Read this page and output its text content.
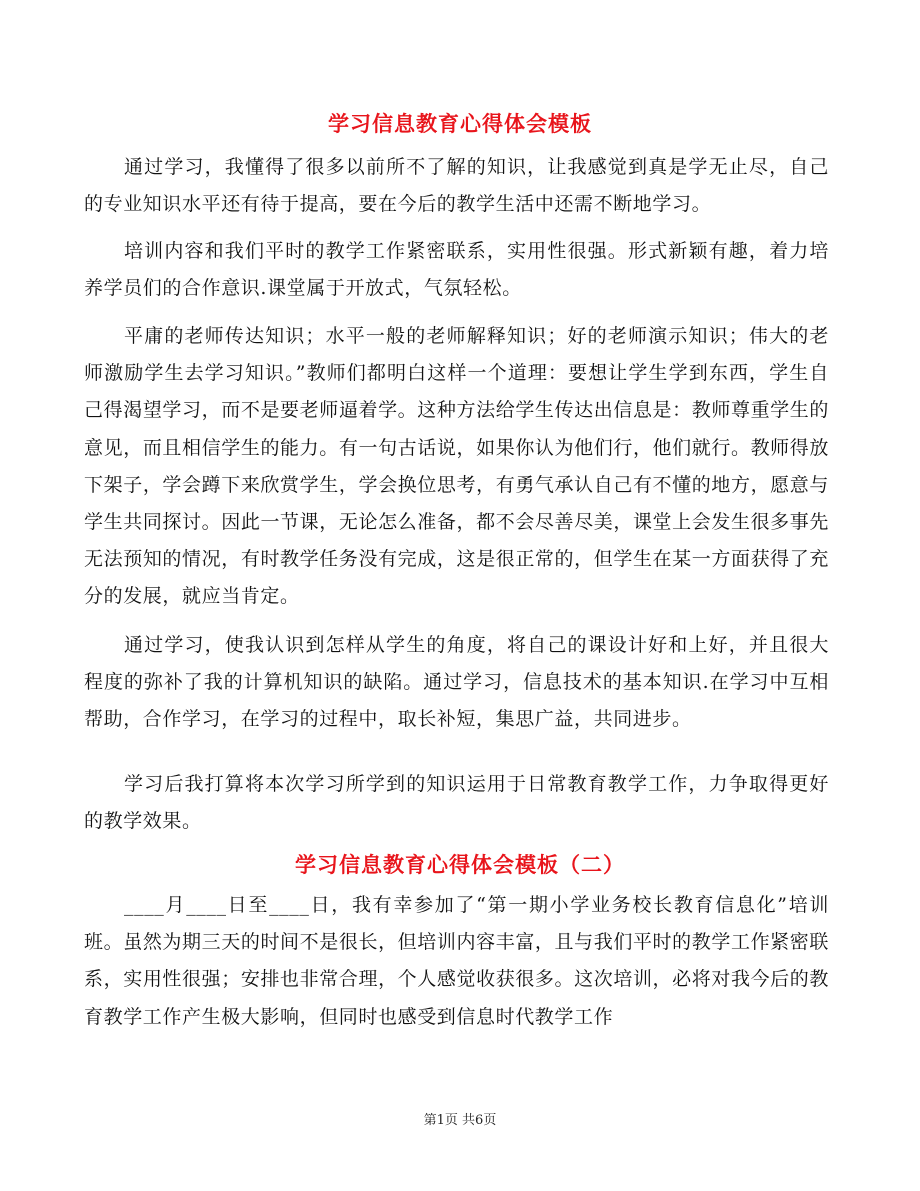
学习信息教育心得体会模板

通过学习，我懂得了很多以前所不了解的知识，让我感觉到真是学无止尽，自己的专业知识水平还有待于提高，要在今后的教学生活中还需不断地学习。

培训内容和我们平时的教学工作紧密联系，实用性很强。形式新颖有趣，着力培养学员们的合作意识.课堂属于开放式，气氛轻松。

平庸的老师传达知识；水平一般的老师解释知识；好的老师演示知识；伟大的老师激励学生去学习知识。”教师们都明白这样一个道理：要想让学生学到东西，学生自己得渴望学习，而不是要老师逼着学。这种方法给学生传达出信息是：教师尊重学生的意见，而且相信学生的能力。有一句古话说，如果你认为他们行，他们就行。教师得放下架子，学会蹲下来欣赏学生，学会换位思考，有勇气承认自己有不懂的地方，愿意与学生共同探讨。因此一节课，无论怎么准备，都不会尽善尽美，课堂上会发生很多事先无法预知的情况，有时教学任务没有完成，这是很正常的，但学生在某一方面获得了充分的发展，就应当肯定。

通过学习，使我认识到怎样从学生的角度，将自己的课设计好和上好，并且很大程度的弥补了我的计算机知识的缺陷。通过学习，信息技术的基本知识.在学习中互相帮助，合作学习，在学习的过程中，取长补短，集思广益，共同进步。

学习后我打算将本次学习所学到的知识运用于日常教育教学工作，力争取得更好的教学效果。

学习信息教育心得体会模板（二）

____月____日至____日，我有幸参加了“第一期小学业务校长教育信息化”培训班。虽然为期三天的时间不是很长，但培训内容丰富，且与我们平时的教学工作紧密联系，实用性很强；安排也非常合理，个人感觉收获很多。这次培训，必将对我今后的教育教学工作产生极大影响，但同时也感受到信息时代教学工作

第1页 共6页
